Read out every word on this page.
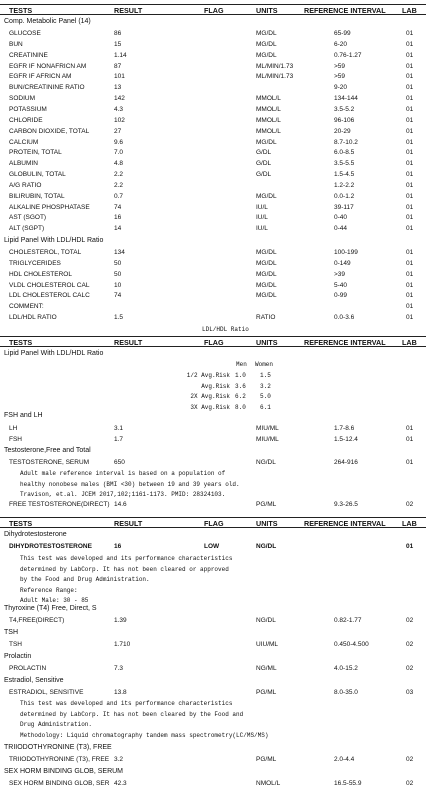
TESTS	RESULT	FLAG	UNITS	REFERENCE INTERVAL LAB
Comp. Metabolic Panel (14)
GLUCOSE	86	MG/DL	65-99	01
BUN	15	MG/DL	6-20	01
CREATININE	1.14	MG/DL	0.76-1.27	01
EGFR IF NONAFRICN AM	87	ML/MIN/1.73	>59	01
EGFR IF AFRICN AM	101	ML/MIN/1.73	>59	01
BUN/CREATININE RATIO	13	9-20	01
SODIUM	142	MMOL/L	134-144	01
POTASSIUM	4.3	MMOL/L	3.5-5.2	01
CHLORIDE	102	MMOL/L	96-106	01
CARBON DIOXIDE, TOTAL	27	MMOL/L	20-29	01
CALCIUM	9.6	MG/DL	8.7-10.2	01
PROTEIN, TOTAL	7.0	G/DL	6.0-8.5	01
ALBUMIN	4.8	G/DL	3.5-5.5	01
GLOBULIN, TOTAL	2.2	G/DL	1.5-4.5	01
A/G RATIO	2.2	1.2-2.2	01
BILIRUBIN, TOTAL	0.7	MG/DL	0.0-1.2	01
ALKALINE PHOSPHATASE	74	IU/L	39-117	01
AST (SGOT)	16	IU/L	0-40	01
ALT (SGPT)	14	IU/L	0-44	01
Lipid Panel With LDL/HDL Ratio
CHOLESTEROL, TOTAL	134	MG/DL	100-199	01
TRIGLYCERIDES	50	MG/DL	0-149	01
HDL CHOLESTEROL	50	MG/DL	>39	01
VLDL CHOLESTEROL CAL	10	MG/DL	5-40	01
LDL CHOLESTEROL CALC	74	MG/DL	0-99	01
COMMENT:	01
LDL/HDL RATIO	1.5	RATIO	0.0-3.6	01
LDL/HDL Ratio
TESTS	RESULT	FLAG	UNITS	REFERENCE INTERVAL LAB
Lipid Panel With LDL/HDL Ratio
Men Women
1/2 Avg.Risk 1.0 1.5
Avg.Risk 3.6 3.2
2X Avg.Risk 6.2 5.0
3X Avg.Risk 8.0 6.1
FSH and LH
LH	3.1	MIU/ML	1.7-8.6	01
FSH	1.7	MIU/ML	1.5-12.4	01
Testosterone,Free and Total
TESTOSTERONE, SERUM	650	NG/DL	264-916	01
Adult male reference interval is based on a population of
healthy nonobese males (BMI <30) between 19 and 39 years old.
Travison, et.al. JCEM 2017,102;1161-1173. PMID: 28324103.
FREE TESTOSTERONE(DIRECT) 14.6	PG/ML	9.3-26.5	02
TESTS	RESULT	FLAG	UNITS	REFERENCE INTERVAL LAB
Dihydrotestosterone
DIHYDROTESTOSTERONE	16	LOW	NG/DL	01
This test was developed and its performance characteristics
determined by LabCorp. It has not been cleared or approved
by the Food and Drug Administration.
Reference Range:
Adult Male: 30 - 85
Thyroxine (T4) Free, Direct, S
T4,FREE(DIRECT)	1.39	NG/DL	0.82-1.77	02
TSH
TSH	1.710	UIU/ML	0.450-4.500	02
Prolactin
PROLACTIN	7.3	NG/ML	4.0-15.2	02
Estradiol, Sensitive
ESTRADIOL, SENSITIVE	13.8	PG/ML	8.0-35.0	03
This test was developed and its performance characteristics
determined by LabCorp. It has not been cleared by the Food and
Drug Administration.
Methodology: Liquid chromatography tandem mass spectrometry(LC/MS/MS)
TRIIODOTHYRONINE (T3), FREE
TRIIODOTHYRONINE (T3), FREE 3.2	PG/ML	2.0-4.4	02
SEX HORM BINDING GLOB, SERUM
SEX HORM BINDING GLOB, SER 42.3	NMOL/L	16.5-55.9	02
